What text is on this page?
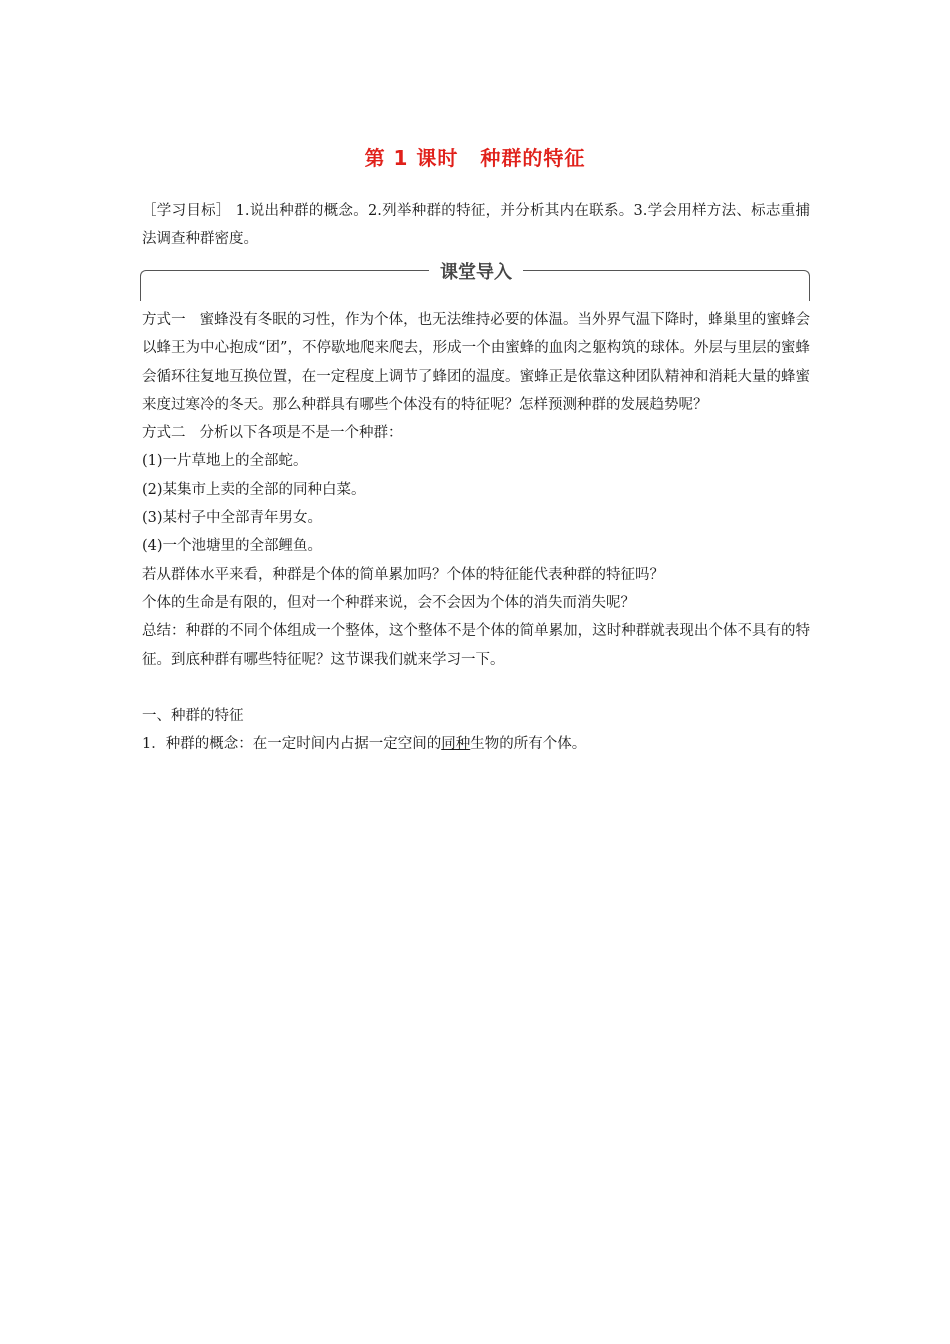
第 1 课时 种群的特征
［学习目标］ 1.说出种群的概念。2.列举种群的特征，并分析其内在联系。3.学会用样方法、标志重捕法调查种群密度。
课堂导入

方式一 蜜蜂没有冬眠的习性，作为个体，也无法维持必要的体温。当外界气温下降时，蜂巢里的蜜蜂会以蜂王为中心抱成“团”，不停歇地爬来爬去，形成一个由蜜蜂的血肉之躯构筑的球体。外层与里层的蜜蜂会循环往复地互换位置，在一定程度上调节了蜂团的温度。蜜蜂正是依靠这种团队精神和消耗大量的蜂蜜来度过寒冷的冬天。那么种群具有哪些个体没有的特征呢？怎样预测种群的发展趋势呢？

方式二 分析以下各项是不是一个种群：

(1)一片草地上的全部蛇。

(2)某集市上卖的全部的同种白菜。

(3)某村子中全部青年男女。

(4)一个池塘里的全部鲤鱼。

若从群体水平来看，种群是个体的简单累加吗？个体的特征能代表种群的特征吗？

个体的生命是有限的，但对一个种群来说，会不会因为个体的消失而消失呢？

总结：种群的不同个体组成一个整体，这个整体不是个体的简单累加，这时种群就表现出个体不具有的特征。到底种群有哪些特征呢？这节课我们就来学习一下。

一、种群的特征

1．种群的概念：在一定时间内占据一定空间的同种生物的所有个体。
